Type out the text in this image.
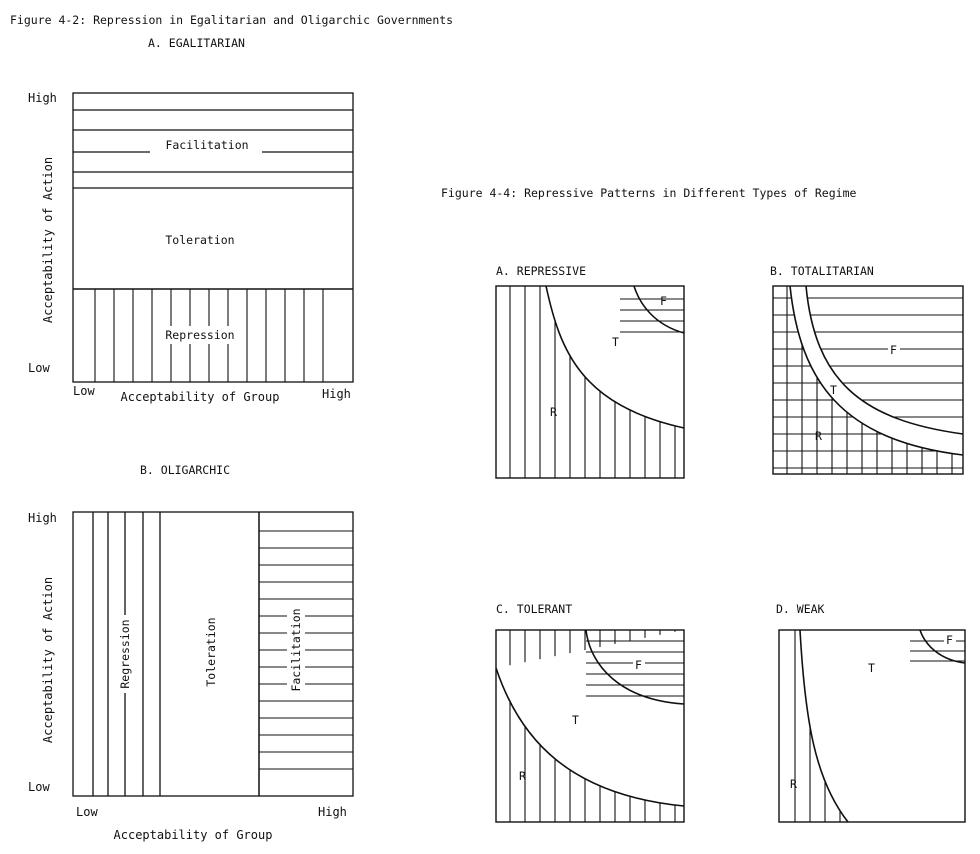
Figure 4-2: Repression in Egalitarian and Oligarchic Governments
A. EGALITARIAN
Facilitation
Toleration
Repression
High
Low
Low	High
Acceptability of Group
Acceptability of Action
B. OLIGARCHIC
Regression	Toleration	Facilitation
High
Low
Low	High
Acceptability of Group
Acceptability of Action
Figure 4-4: Repressive Patterns in Different Types of Regime
A. REPRESSIVE
R
T
F
B. TOTALITARIAN
R
T
F
C. TOLERANT
R
T
F
D. WEAK
R
T
F
